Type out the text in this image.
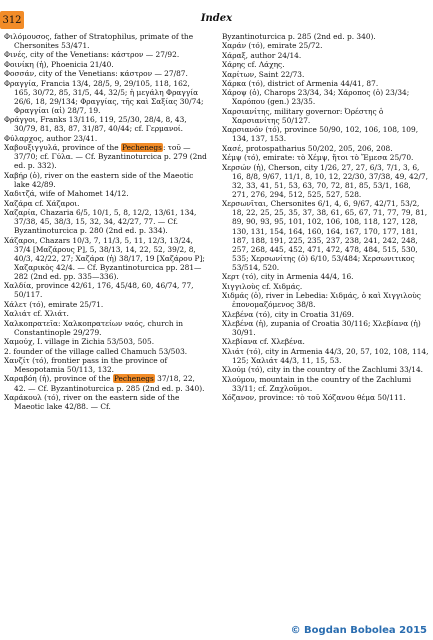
312	Index

Φιλόμουσος, father of Stratophilus, primate of the Chersonites 53/471.

Φινές, city of the Venetians: κάστρον — 27/92.

Φοινίκη (ἡ), Phoenicia 21/40.

Φοσσάν, city of the Venetians: κάστρον — 27/87.

Φραγγία, Francia 13/4, 28/5, 9, 29/105, 118, 162, 165, 30/72, 85, 31/5, 44, 32/5; ἡ μεγάλη Φραγγία 26/6, 18, 29/134; Φραγγίας, τῆς καὶ Σαξίας 30/74; Φραγγίαι (αἱ) 28/7, 19.

Φράγγοι, Franks 13/116, 119, 25/30, 28/4, 8, 43, 30/79, 81, 83, 87, 31/87, 40/44; cf. Γερμανοί.

Φύλαρχος, author 23/41.

Χαβουξιγγυλά, province of the Pechenegs: τοῦ — 37/70; cf. Γύλα. — Cf. Byzantinoturcica p. 279 (2nd ed. p. 332).

Χαβήρ (ὁ), river on the eastern side of the Maeotic lake 42/89.

Χαδιτζά, wife of Mahomet 14/12.

Χαζάρα cf. Χάζαροι.

Χαζαρία, Chazaria 6/5, 10/1, 5, 8, 12/2, 13/61, 134, 37/38, 45, 38/3, 15, 32, 34, 42/27, 77. — Cf. Byzantinoturcica p. 280 (2nd ed. p. 334).

Χάζαροι, Chazars 10/3, 7, 11/3, 5, 11, 12/3, 13/24, 37/4 [Μαζάρους P], 5, 38/13, 14, 22, 52, 39/2, 8, 40/3, 42/22, 27; Χαζάρα (ἡ) 38/17, 19 [Χαζάρου P]; Χαζαρικὸς 42/4. — Cf. Byzantinoturcica pp. 281—282 (2nd ed. pp. 335—336).

Χαλδία, province 42/61, 176, 45/48, 60, 46/74, 77, 50/117.

Χάλετ (τό), emirate 25/71.

Χαλιάτ cf. Χλιάτ.

Χαλκοπρατεῖα: Χαλκοπρατείων ναός, church in Constantinople 29/279.

Χαμούχ, I. village in Zichia 53/503, 505.

2. founder of the village called Chamuch 53/503.

Χανζίτ (τό), frontier pass in the province of Mesopotamia 50/113, 132.

Χαραβόη (ἡ), province of the Pechenegs 37/18, 22, 42. — Cf. Byzantinoturcica p. 285 (2nd ed. p. 340).

Χαράκουλ (τό), river on the eastern side of the Maeotic lake 42/88. — Cf.

Byzantinoturcica p. 285 (2nd ed. p. 340).

Χαράν (τό), emirate 25/72.

Χάραξ, author 24/14.

Χάρης cf. Λάχης.

Χαρίτων, Saint 22/73.

Χάρκα (τό), district of Armenia 44/41, 87.

Χάροψ (ὁ), Charops 23/34, 34; Χάροπος (ὁ) 23/34; Χαρόπου (gen.) 23/35.

Χαρσιανίτης, military governor: Ὀρέστης ὁ Χαρσιανίτης 50/127.

Χαρσιανόν (τό), province 50/90, 102, 106, 108, 109, 134, 137, 153.

Χασέ, protospatharius 50/202, 205, 206, 208.

Χέμψ (τό), emirate: τὸ Χέμψ, ἤτοι τὸ Ἔμεσα 25/70.

Χερσών (ἡ), Cherson, city 1/26, 27, 27, 6/3, 7/1, 3, 6, 16, 8/8, 9/67, 11/1, 8, 10, 12, 22/30, 37/38, 49, 42/7, 32, 33, 41, 51, 53, 63, 70, 72, 81, 85, 53/1, 168, 271, 276, 294, 512, 525, 527, 528.

Χερσωνῖται, Chersonites 6/1, 4, 6, 9/67, 42/71, 53/2, 18, 22, 25, 25, 35, 37, 38, 61, 65, 67, 71, 77, 79, 81, 89, 90, 93, 95, 101, 102, 106, 108, 118, 127, 128, 130, 131, 154, 164, 160, 164, 167, 170, 177, 181, 187, 188, 191, 225, 235, 237, 238, 241, 242, 248, 257, 268, 445, 452, 471, 472, 478, 484, 515, 530, 535; Χερσωνίτης (ὁ) 6/10, 53/484; Χερσωνιτικος 53/514, 520.

Χερτ (τό), city in Armenia 44/4, 16.

Χιγγιλοὺς cf. Χιδμάς.

Χιδμάς (ὁ), river in Lebedia: Χιδμάς, ὁ καὶ Χιγγιλοὺς ἐπονομαζόμενος 38/8.

Χλεβένα (τό), city in Croatia 31/69.

Χλεβένα (ἡ), zupania of Croatia 30/116; Χλεβίανα (ἡ) 30/91.

Χλεβίανα cf. Χλεβένα.

Χλιάτ (τό), city in Armenia 44/3, 20, 57, 102, 108, 114, 125; Χαλιάτ 44/3, 11, 15, 53.

Χλούμ (τό), city in the country of the Zachlumi 33/14.

Χλούμου, mountain in the country of the Zachlumi 33/11; cf. Ζαχλοῦμοι.

Χόζανον, province: τὸ τοῦ Χόζανου θέμα 50/111.

© Bogdan Bobolea 2015
